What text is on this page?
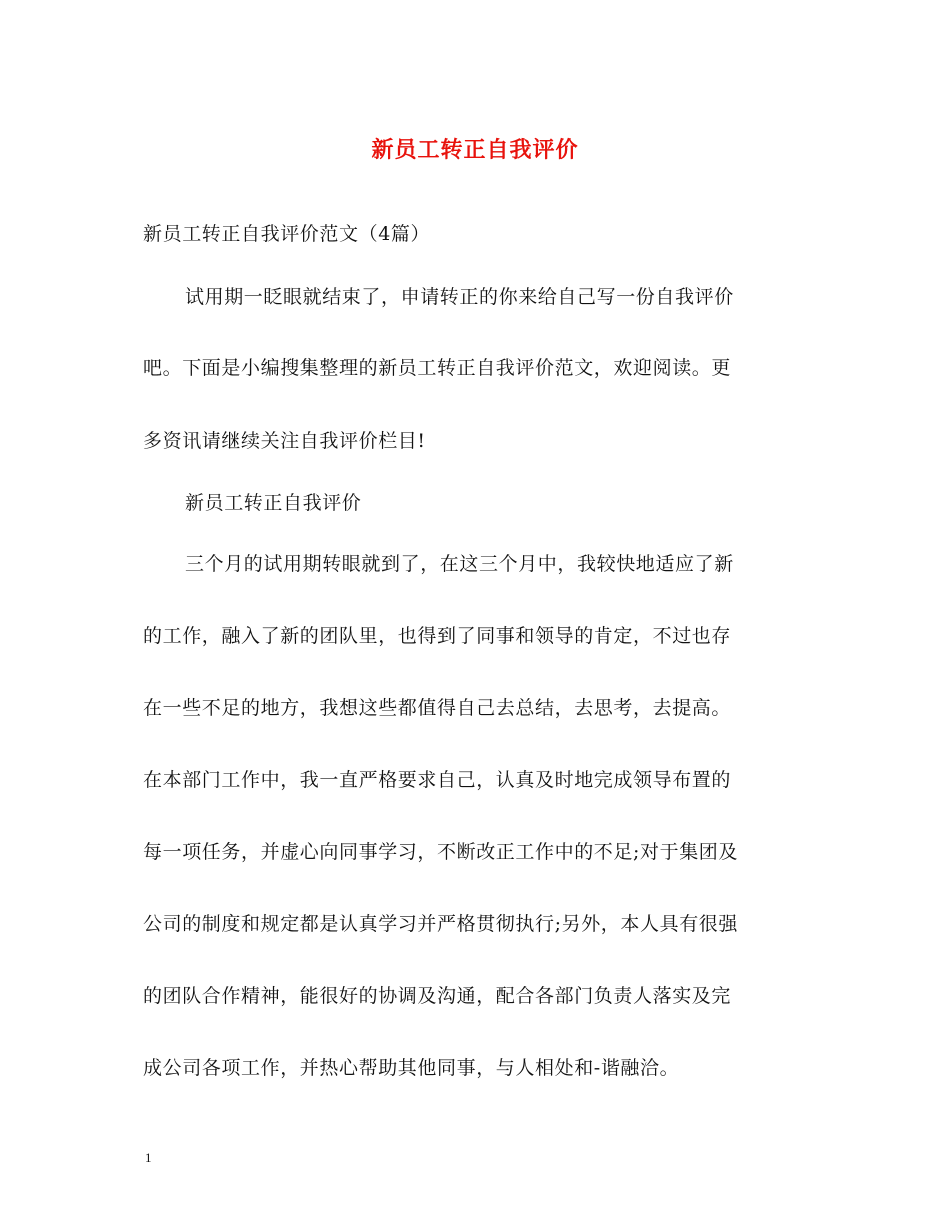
新员工转正自我评价
新员工转正自我评价范文（4篇）
试用期一眨眼就结束了，申请转正的你来给自己写一份自我评价
吧。下面是小编搜集整理的新员工转正自我评价范文，欢迎阅读。更
多资讯请继续关注自我评价栏目!
新员工转正自我评价
三个月的试用期转眼就到了，在这三个月中，我较快地适应了新
的工作，融入了新的团队里，也得到了同事和领导的肯定，不过也存
在一些不足的地方，我想这些都值得自己去总结，去思考，去提高。
在本部门工作中，我一直严格要求自己，认真及时地完成领导布置的
每一项任务，并虚心向同事学习，不断改正工作中的不足;对于集团及
公司的制度和规定都是认真学习并严格贯彻执行;另外，本人具有很强
的团队合作精神，能很好的协调及沟通，配合各部门负责人落实及完
成公司各项工作，并热心帮助其他同事，与人相处和-谐融洽。
1
